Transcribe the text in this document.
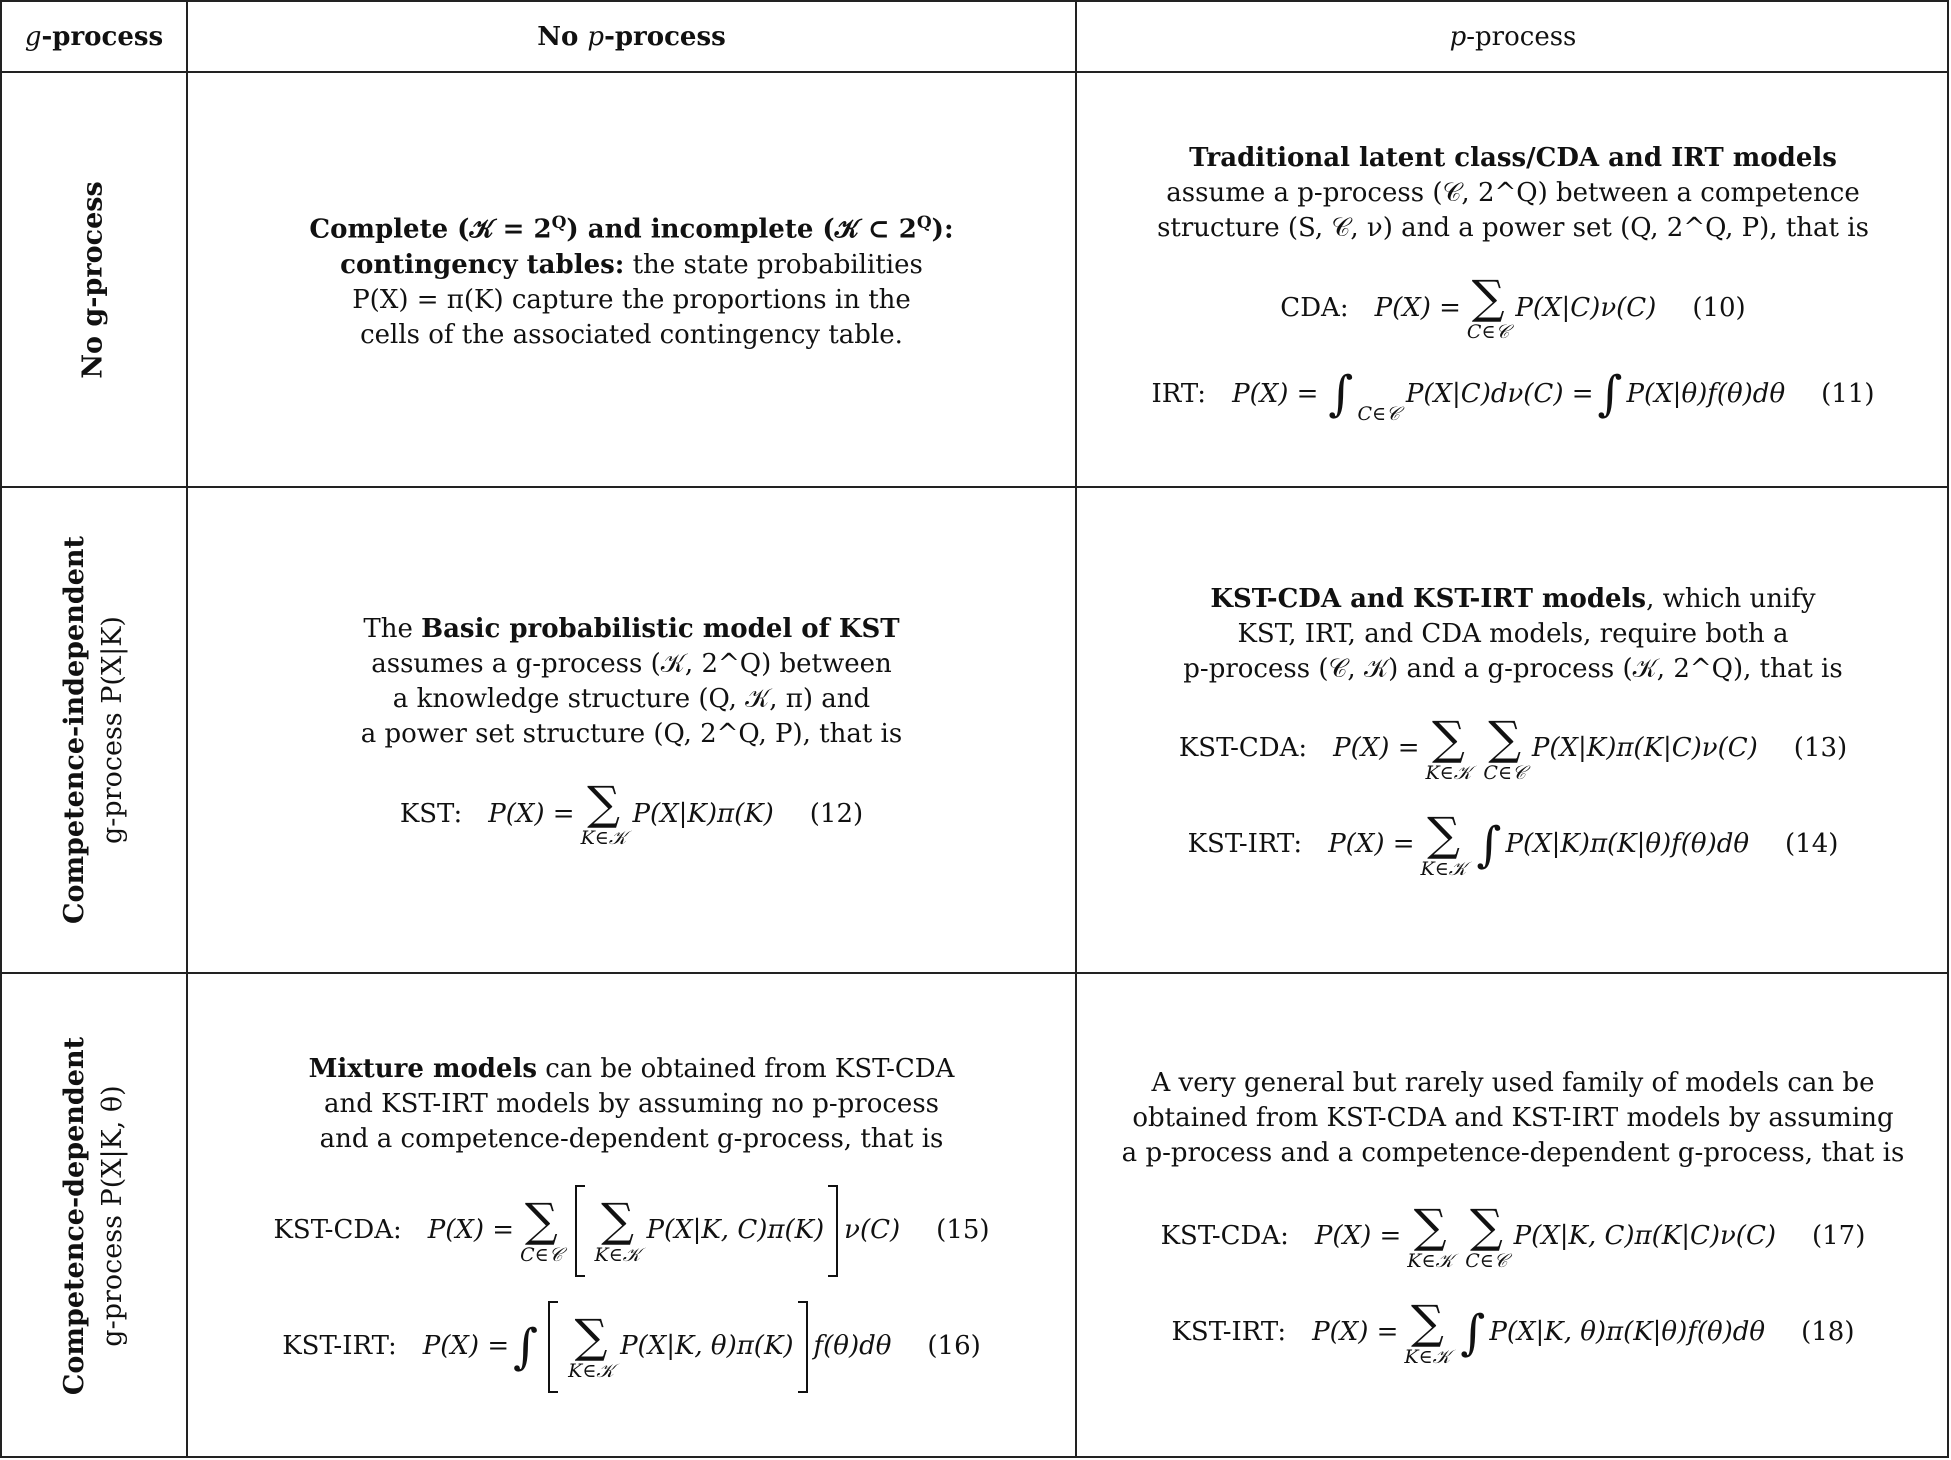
g-process	No p-process	p-process
No g-process
Competence-independent g-process P(X|K)
Competence-dependent g-process P(X|K, θ)
Complete (𝒦 = $2^Q$) and incomplete (𝒦 ⊂ $2^Q$):
contingency tables: the state probabilities
P(X) = π(K) capture the proportions in the
cells of the associated contingency table.
Traditional latent class/CDA and IRT models
assume a p-process (𝒞, 2^Q) between a competence
structure (S, 𝒞, ν) and a power set (Q, 2^Q, P), that is
CDA: P(X) = ∑
C∈𝒞
P(X|C)ν(C) (10)
IRT: P(X) = ∫ C∈𝒞
P(X|C)dν(C) = ∫ P(X|θ)f(θ)dθ (11)
The Basic probabilistic model of KST
assumes a g-process (𝒦, 2^Q) between
a knowledge structure (Q, 𝒦, π) and
a power set structure (Q, 2^Q, P), that is
KST: P(X) = ∑
K∈𝒦
P(X|K)π(K) (12)
KST-CDA and KST-IRT models, which unify
KST, IRT, and CDA models, require both a
p-process (𝒞, 𝒦) and a g-process (𝒦, 2^Q), that is
KST-CDA: P(X) = ∑
K∈𝒦
∑
C∈𝒞
P(X|K)π(K|C)ν(C) (13)
KST-IRT: P(X) = ∑
K∈𝒦 ∫ P(X|K)π(K|θ)f(θ)dθ (14)
Mixture models can be obtained from KST-CDA
and KST-IRT models by assuming no p-process
and a competence-dependent g-process, that is
KST-CDA: P(X) = ∑
C∈𝒞
∑
K∈𝒦
P(X|K, C)π(K) ν(C) (15)
KST-IRT: P(X) = ∫ ∑
K∈𝒦
P(X|K, θ)π(K) f(θ)dθ (16)
A very general but rarely used family of models can be
obtained from KST-CDA and KST-IRT models by assuming
a p-process and a competence-dependent g-process, that is
KST-CDA: P(X) = ∑
K∈𝒦
∑
C∈𝒞
P(X|K, C)π(K|C)ν(C) (17)
KST-IRT: P(X) = ∑
K∈𝒦 ∫ P(X|K, θ)π(K|θ)f(θ)dθ (18)
